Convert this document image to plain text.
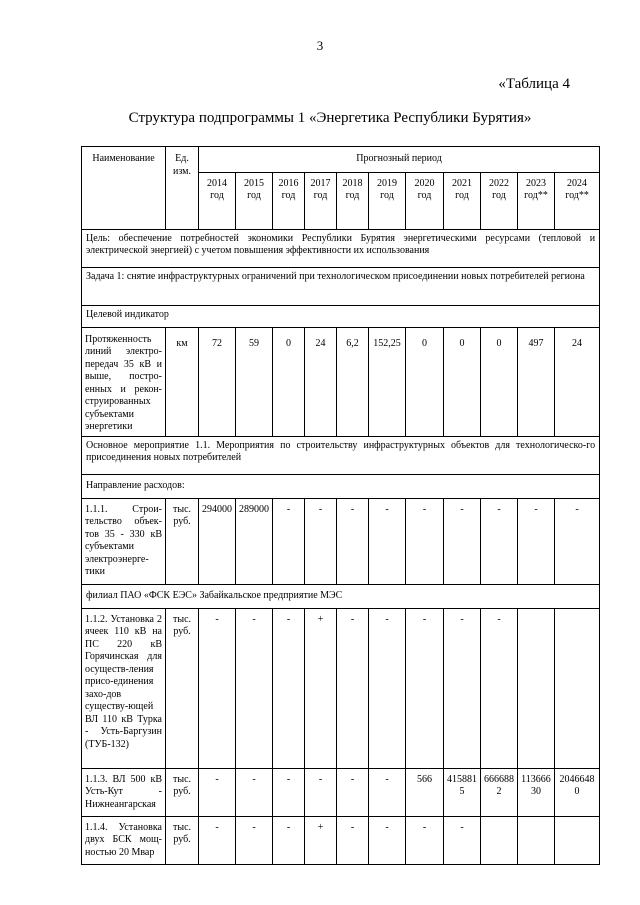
3
«Таблица 4
Структура подпрограммы 1 «Энергетика Республики Бурятия»
Наименование	Ед. изм.	Прогнозный период										
		2014 год	2015 год	2016 год	2017 год	2018 год	2019 год	2020 год	2021 год	2022 год	2023 год**	2024 год**
Цель: обеспечение потребностей экономики Республики Бурятия энергетическими ресурсами (тепловой и электрической энергией) с учетом повышения эффективности их использования												
Задача 1: снятие инфраструктурных ограничений при технологическом присоединении новых потребителей региона												
Целевой индикатор												
Протяженность линий электро-передач 35 кВ и выше, постро-енных и рекон-струированных субъектами энергетики	км	72	59	0	24	6,2	152,25	0	0	0	497	24
Основное мероприятие 1.1. Мероприятия по строительству инфраструктурных объектов для технологическо-го присоединения новых потребителей												
Направление расходов:												
1.1.1. Строи-тельство объек-тов 35 - 330 кВ субъектами электроэнерге-тики	тыс. руб.	294000	289000	-	-	-	-	-	-	-	-	-
филиал ПАО «ФСК ЕЭС» Забайкальское предприятие МЭС												
1.1.2. Установка 2 ячеек 110 кВ на ПС 220 кВ Горячинская для осуществ-ления присо-единения захо-дов существу-ющей ВЛ 110 кВ Турка - Усть-Баргузин (ТУБ-132)	тыс. руб.	-	-	-	+	-	-	-	-	-		
1.1.3. ВЛ 500 кВ Усть-Кут - Нижнеангарская	тыс. руб.	-	-	-	-	-	-	566	4158815	6666882	11366630	20466480
1.1.4. Установка двух БСК мощ-ностью 20 Мвар	тыс. руб.	-	-	-	+	-	-	-	-			
